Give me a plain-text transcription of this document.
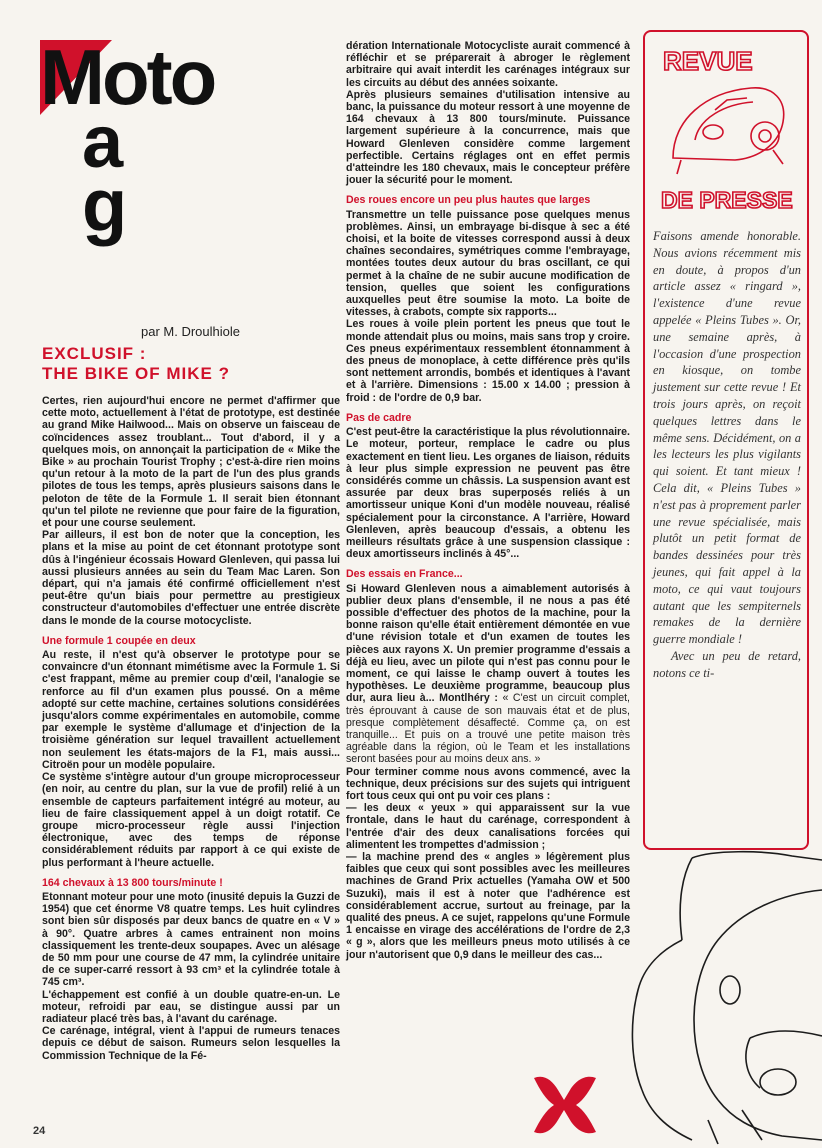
Moto
a
g
par M. Droulhiole
EXCLUSIF :
THE BIKE OF MIKE ?

Certes, rien aujourd'hui encore ne permet d'affirmer que cette moto, actuellement à l'état de prototype, est destinée au grand Mike Hailwood... Mais on observe un faisceau de coïncidences assez troublant... Tout d'abord, il y a quelques mois, on annonçait la participation de « Mike the Bike » au prochain Tourist Trophy ; c'est-à-dire rien moins qu'un retour à la moto de la part de l'un des plus grands pilotes de tous les temps, après plusieurs saisons dans le peloton de tête de la Formule 1. Il serait bien étonnant qu'un tel pilote ne revienne que pour faire de la figuration, et pour une course seulement.

Par ailleurs, il est bon de noter que la conception, les plans et la mise au point de cet étonnant prototype sont dûs à l'ingénieur écossais Howard Glenleven, qui passa lui aussi plusieurs années au sein du Team Mac Laren. Son départ, qui n'a jamais été confirmé officiellement n'est peut-être qu'un biais pour permettre au prestigieux constructeur d'automobiles d'effectuer une entrée discrète dans le monde de la course motocycliste.

Une formule 1 coupée en deux

Au reste, il n'est qu'à observer le prototype pour se convaincre d'un étonnant mimétisme avec la Formule 1. Si c'est frappant, même au premier coup d'œil, l'analogie se renforce au fil d'un examen plus poussé. On a même adopté sur cette machine, certaines solutions considérées jusqu'alors comme expérimentales en automobile, comme par exemple le système d'allumage et d'injection de la troisième génération sur lequel travaillent actuellement non seulement les états-majors de la F1, mais aussi... Citroën pour un modèle populaire.

Ce système s'intègre autour d'un groupe microprocesseur (en noir, au centre du plan, sur la vue de profil) relié à un ensemble de capteurs parfaitement intégré au moteur, au lieu de faire classiquement appel à un doigt rotatif. Ce groupe micro-processeur règle aussi l'injection électronique, avec des temps de réponse considérablement réduits par rapport à ce qui existe de plus performant à l'heure actuelle.

164 chevaux à 13 800 tours/minute !

Etonnant moteur pour une moto (inusité depuis la Guzzi de 1954) que cet énorme V8 quatre temps. Les huit cylindres sont bien sûr disposés par deux bancs de quatre en « V » à 90°. Quatre arbres à cames entrainent non moins classiquement les trente-deux soupapes. Avec un alésage de 50 mm pour une course de 47 mm, la cylindrée unitaire de ce super-carré ressort à 93 cm³ et la cylindrée totale à 745 cm³.

L'échappement est confié à un double quatre-en-un. Le moteur, refroidi par eau, se distingue aussi par un radiateur placé très bas, à l'avant du carénage.

Ce carénage, intégral, vient à l'appui de rumeurs tenaces depuis ce début de saison. Rumeurs selon lesquelles la Commission Technique de la Fé-

dération Internationale Motocycliste aurait commencé à réfléchir et se préparerait à abroger le règlement arbitraire qui avait interdit les carénages intégraux sur les circuits au début des années soixante.

Après plusieurs semaines d'utilisation intensive au banc, la puissance du moteur ressort à une moyenne de 164 chevaux à 13 800 tours/minute. Puissance largement supérieure à la concurrence, mais que Howard Glenleven considère comme largement perfectible. Certains réglages ont en effet permis d'atteindre les 180 chevaux, mais le concepteur préfère jouer la sécurité pour le moment.

Des roues encore un peu plus hautes que larges

Transmettre un telle puissance pose quelques menus problèmes. Ainsi, un embrayage bi-disque à sec a été choisi, et la boite de vitesses correspond aussi à deux chaînes secondaires, symétriques comme l'embrayage, montées toutes deux autour du bras oscillant, ce qui permet à la chaîne de ne subir aucune modification de tension, quelles que soient les configurations auxquelles peut être soumise la moto. La boite de vitesses, à crabots, compte six rapports...

Les roues à voile plein portent les pneus que tout le monde attendait plus ou moins, mais sans trop y croire. Ces pneus expérimentaux ressemblent étonnamment à des pneus de monoplace, à cette différence près qu'ils sont nettement arrondis, bombés et identiques à l'avant et à l'arrière. Dimensions : 15.00 x 14.00 ; pression à froid : de l'ordre de 0,9 bar.

Pas de cadre

C'est peut-être la caractéristique la plus révolutionnaire. Le moteur, porteur, remplace le cadre ou plus exactement en tient lieu. Les organes de liaison, réduits à leur plus simple expression ne peuvent pas être considérés comme un châssis. La suspension avant est assurée par deux bras superposés reliés à un amortisseur unique Koni d'un modèle nouveau, réalisé spécialement pour la circonstance. A l'arrière, Howard Glenleven, après beaucoup d'essais, a obtenu les meilleurs résultats grâce à une suspension classique : deux amortisseurs inclinés à 45°...

Des essais en France...

Si Howard Glenleven nous a aimablement autorisés à publier deux plans d'ensemble, il ne nous a pas été possible d'effectuer des photos de la machine, pour la bonne raison qu'elle était entièrement démontée en vue d'une révision totale et d'un examen de toutes les pièces aux rayons X. Un premier programme d'essais a déjà eu lieu, avec un pilote qui n'est pas connu pour le moment, ce qui laisse le champ ouvert à toutes les hypothèses. Le deuxième programme, beaucoup plus dur, aura lieu à... Montlhéry : « C'est un circuit complet, très éprouvant à cause de son mauvais état et de plus, presque complètement désaffecté. Comme ça, on est tranquille... Et puis on a trouvé une petite maison très agréable dans la région, où le Team et les installations seront basées pour au moins deux ans. »

Pour terminer comme nous avons commencé, avec la technique, deux précisions sur des sujets qui intriguent fort tous ceux qui ont pu voir ces plans :

— les deux « yeux » qui apparaissent sur la vue frontale, dans le haut du carénage, correspondent à l'entrée d'air des deux canalisations forcées qui alimentent les trompettes d'admission ;

— la machine prend des « angles » légèrement plus faibles que ceux qui sont possibles avec les meilleures machines de Grand Prix actuelles (Yamaha OW et 500 Suzuki), mais il est à noter que l'adhérence est considérablement accrue, surtout au freinage, par la qualité des pneus. A ce sujet, rappelons qu'une Formule 1 encaisse en virage des accélérations de l'ordre de 2,3 « g », alors que les meilleurs pneus moto utilisés à ce jour n'autorisent que 0,9 dans le meilleur des cas...

REVUE
DE PRESSE

Faisons amende honorable. Nous avions récemment mis en doute, à propos d'un article assez « ringard », l'existence d'une revue appelée « Pleins Tubes ». Or, une semaine après, à l'occasion d'une prospection en kiosque, on tombe justement sur cette revue ! Et trois jours après, on reçoit quelques lettres dans le même sens. Décidément, on a les lecteurs les plus vigilants qui soient. Et tant mieux ! Cela dit, « Pleins Tubes » n'est pas à proprement parler une revue spécialisée, mais plutôt un petit format de bandes dessinées pour très jeunes, qui fait appel à la moto, ce qui vaut toujours autant que les sempiternels remakes de la dernière guerre mondiale !

Avec un peu de retard, notons ce ti-

24
